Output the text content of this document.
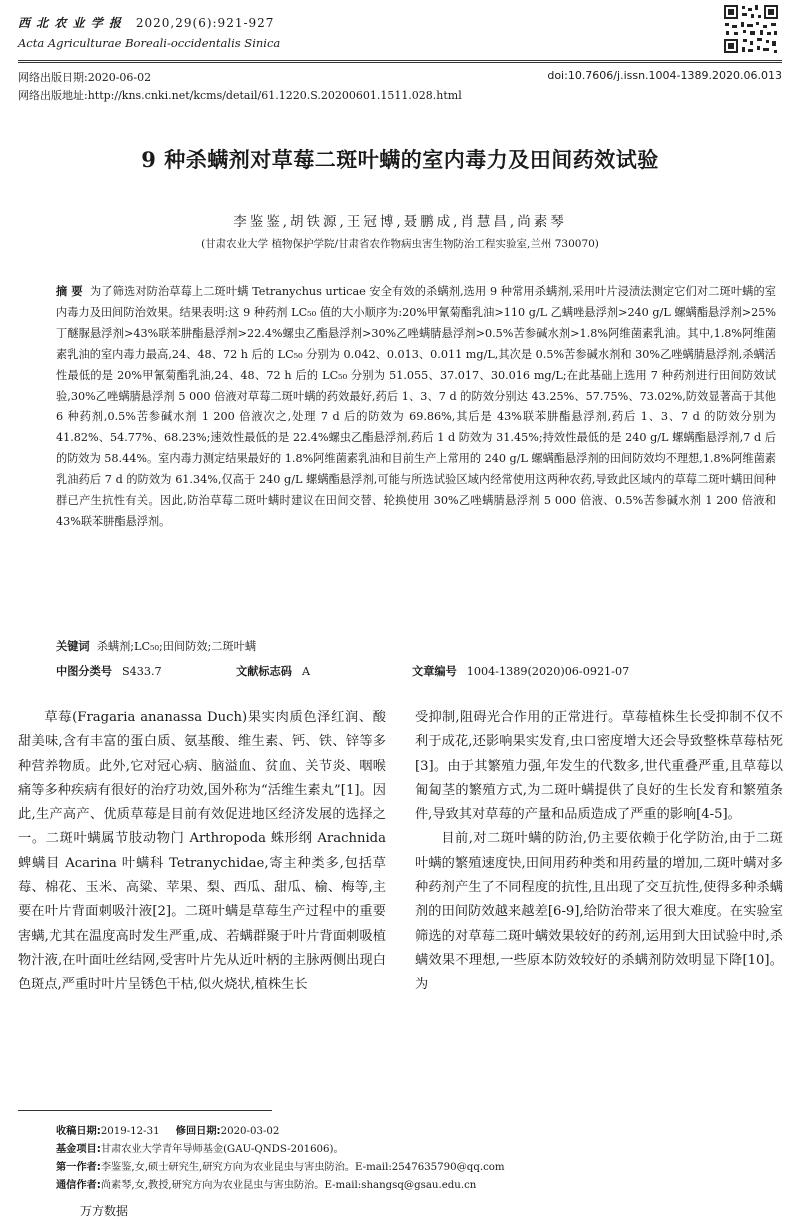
西 北 农 业 学 报 2020,29(6):921-927
Acta Agriculturae Boreali-occidentalis Sinica
网络出版日期:2020-06-02	doi:10.7606/j.issn.1004-1389.2020.06.013
网络出版地址:http://kns.cnki.net/kcms/detail/61.1220.S.20200601.1511.028.html
9 种杀螨剂对草莓二斑叶螨的室内毒力及田间药效试验
李鉴鉴,胡铁源,王冠博,聂鹏成,肖慧昌,尚素琴
(甘肃农业大学 植物保护学院/甘肃省农作物病虫害生物防治工程实验室,兰州 730070)
摘 要 为了筛选对防治草莓上二斑叶螨 Tetranychus urticae 安全有效的杀螨剂,选用 9 种常用杀螨剂,采用叶片浸渍法测定它们对二斑叶螨的室内毒力及田间防治效果。结果表明:这 9 种药剂 LC₅₀ 值的大小顺序为:20%甲氰菊酯乳油>110 g/L 乙螨唑悬浮剂>240 g/L 螺螨酯悬浮剂>25%丁醚脲悬浮剂>43%联苯肼酯悬浮剂>22.4%螺虫乙酯悬浮剂>30%乙唑螨腈悬浮剂>0.5%苦参碱水剂>1.8%阿维菌素乳油。其中,1.8%阿维菌素乳油的室内毒力最高,24、48、72 h 后的 LC₅₀ 分别为 0.042、0.013、0.011 mg/L,其次是 0.5%苦参碱水剂和 30%乙唑螨腈悬浮剂,杀螨活性最低的是 20%甲氰菊酯乳油,24、48、72 h 后的 LC₅₀ 分别为 51.055、37.017、30.016 mg/L;在此基础上选用 7 种药剂进行田间防效试验,30%乙唑螨腈悬浮剂 5 000 倍液对草莓二斑叶螨的药效最好,药后 1、3、7 d 的防效分别达 43.25%、57.75%、73.02%,防效显著高于其他 6 种药剂,0.5%苦参碱水剂 1 200 倍液次之,处理 7 d 后的防效为 69.86%,其后是 43%联苯肼酯悬浮剂,药后 1、3、7 d 的防效分别为 41.82%、54.77%、68.23%;速效性最低的是 22.4%螺虫乙酯悬浮剂,药后 1 d 防效为 31.45%;持效性最低的是 240 g/L 螺螨酯悬浮剂,7 d 后的防效为 58.44%。室内毒力测定结果最好的 1.8%阿维菌素乳油和目前生产上常用的 240 g/L 螺螨酯悬浮剂的田间防效均不理想,1.8%阿维菌素乳油药后 7 d 的防效为 61.34%,仅高于 240 g/L 螺螨酯悬浮剂,可能与所选试验区域内经常使用这两种农药,导致此区域内的草莓二斑叶螨田间种群已产生抗性有关。因此,防治草莓二斑叶螨时建议在田间交替、轮换使用 30%乙唑螨腈悬浮剂 5 000 倍液、0.5%苦参碱水剂 1 200 倍液和 43%联苯肼酯悬浮剂。
关键词 杀螨剂;LC₅₀;田间防效;二斑叶螨
中图分类号 S433.7	文献标志码 A	文章编号 1004-1389(2020)06-0921-07

草莓(Fragaria ananassa Duch)果实肉质色泽红润、酸甜美味,含有丰富的蛋白质、氨基酸、维生素、钙、铁、锌等多种营养物质。此外,它对冠心病、脑溢血、贫血、关节炎、咽喉痛等多种疾病有很好的治疗功效,国外称为“活维生素丸”[1]。因此,生产高产、优质草莓是目前有效促进地区经济发展的选择之一。二斑叶螨属节肢动物门 Arthropoda 蛛形纲 Arachnida 蜱螨目 Acarina 叶螨科 Tetranychidae,寄主种类多,包括草莓、棉花、玉米、高粱、苹果、梨、西瓜、甜瓜、榆、梅等,主要在叶片背面刺吸汁液[2]。二斑叶螨是草莓生产过程中的重要害螨,尤其在温度高时发生严重,成、若螨群聚于叶片背面刺吸植物汁液,在叶面吐丝结网,受害叶片先从近叶柄的主脉两侧出现白色斑点,严重时叶片呈锈色干枯,似火烧状,植株生长

受抑制,阻碍光合作用的正常进行。草莓植株生长受抑制不仅不利于成花,还影响果实发育,虫口密度增大还会导致整株草莓枯死[3]。由于其繁殖力强,年发生的代数多,世代重叠严重,且草莓以匍匐茎的繁殖方式,为二斑叶螨提供了良好的生长发育和繁殖条件,导致其对草莓的产量和品质造成了严重的影响[4-5]。

目前,对二斑叶螨的防治,仍主要依赖于化学防治,由于二斑叶螨的繁殖速度快,田间用药种类和用药量的增加,二斑叶螨对多种药剂产生了不同程度的抗性,且出现了交互抗性,使得多种杀螨剂的田间防效越来越差[6-9],给防治带来了很大难度。在实验室筛选的对草莓二斑叶螨效果较好的药剂,运用到大田试验中时,杀螨效果不理想,一些原本防效较好的杀螨剂防效明显下降[10]。为

收稿日期:2019-12-31 修回日期:2020-03-02
基金项目:甘肃农业大学青年导师基金(GAU-QNDS-201606)。
第一作者:李鉴鉴,女,硕士研究生,研究方向为农业昆虫与害虫防治。E-mail:2547635790@qq.com
通信作者:尚素琴,女,教授,研究方向为农业昆虫与害虫防治。E-mail:shangsq@gsau.edu.cn
万方数据
